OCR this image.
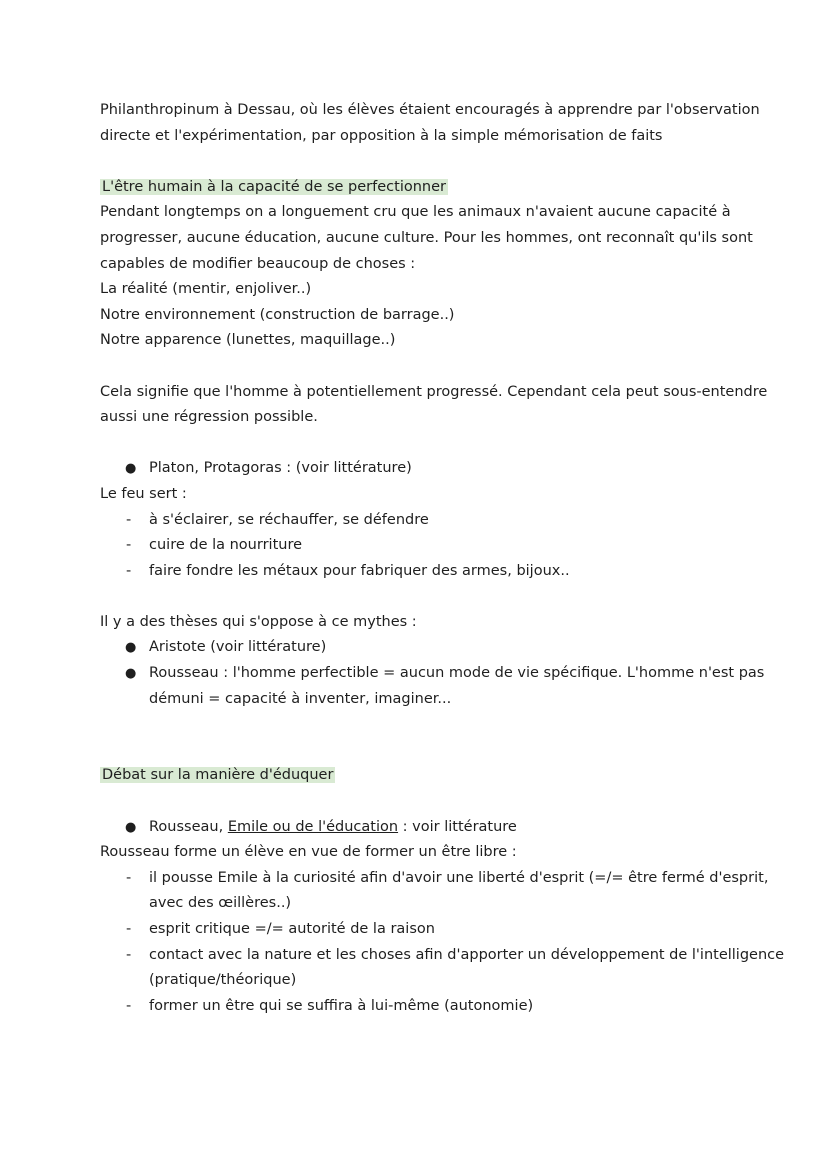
Philanthropinum à Dessau, où les élèves étaient encouragés à apprendre par l'observation
directe et l'expérimentation, par opposition à la simple mémorisation de faits
L'être humain à la capacité de se perfectionner
Pendant longtemps on a longuement cru que les animaux n'avaient aucune capacité à
progresser, aucune éducation, aucune culture. Pour les hommes, ont reconnaît qu'ils sont
capables de modifier beaucoup de choses :
La réalité (mentir, enjoliver..)
Notre environnement (construction de barrage..)
Notre apparence (lunettes, maquillage..)
Cela signifie que l'homme à potentiellement progressé. Cependant cela peut sous-entendre
aussi une régression possible.
● Platon, Protagoras : (voir littérature)
Le feu sert :
- à s'éclairer, se réchauffer, se défendre
- cuire de la nourriture
- faire fondre les métaux pour fabriquer des armes, bijoux..
Il y a des thèses qui s'oppose à ce mythes :
● Aristote (voir littérature)
● Rousseau : l'homme perfectible = aucun mode de vie spécifique. L'homme n'est pas
démuni = capacité à inventer, imaginer...
Débat sur la manière d'éduquer
● Rousseau, Emile ou de l'éducation : voir littérature
Rousseau forme un élève en vue de former un être libre :
- il pousse Emile à la curiosité afin d'avoir une liberté d'esprit (=/= être fermé d'esprit,
avec des œillères..)
- esprit critique =/= autorité de la raison
- contact avec la nature et les choses afin d'apporter un développement de l'intelligence
(pratique/théorique)
- former un être qui se suffira à lui-même (autonomie)
